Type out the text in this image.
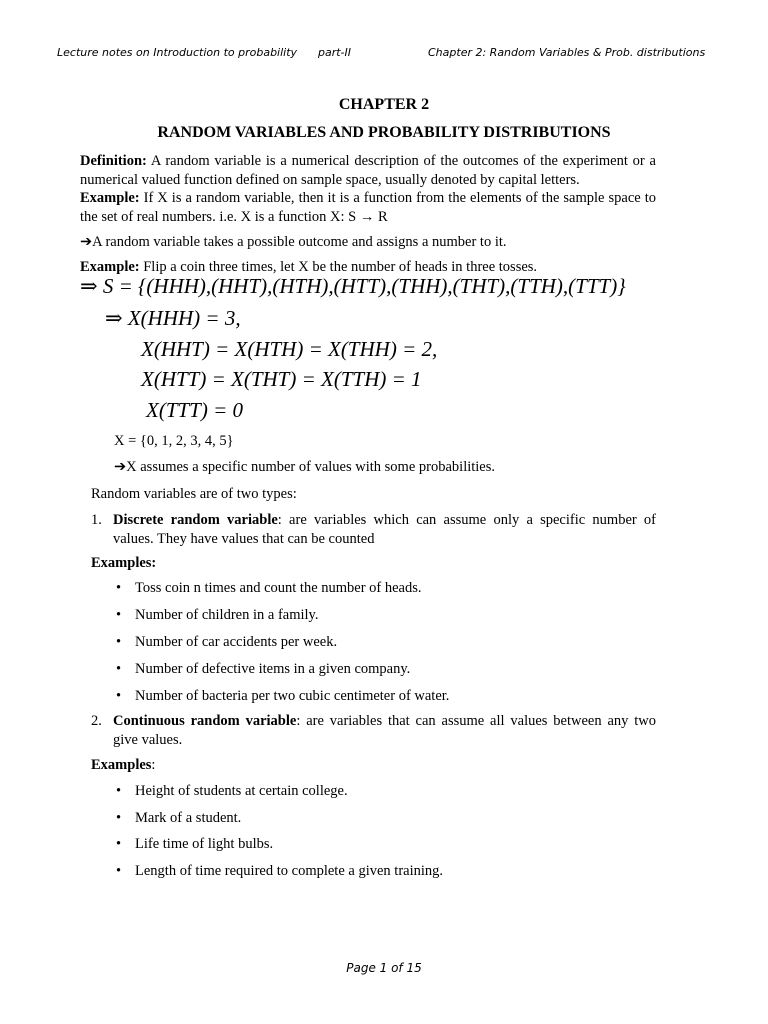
Lecture notes on Introduction to probability part-II	Chapter 2: Random Variables & Prob. distributions
CHAPTER 2
RANDOM VARIABLES AND PROBABILITY DISTRIBUTIONS
Definition: A random variable is a numerical description of the outcomes of the experiment or a numerical valued function defined on sample space, usually denoted by capital letters.
Example: If X is a random variable, then it is a function from the elements of the sample space to the set of real numbers. i.e. X is a function X: S → R
➔A random variable takes a possible outcome and assigns a number to it.
Example: Flip a coin three times, let X be the number of heads in three tosses.
⇒ S = {(HHH),(HHT),(HTH),(HTT),(THH),(THT),(TTH),(TTT)}
⇒ X(HHH) = 3,
X(HHT) = X(HTH) = X(THH) = 2,
X(HTT) = X(THT) = X(TTH) = 1
X(TTT) = 0
X = {0, 1, 2, 3, 4, 5}
➔X assumes a specific number of values with some probabilities.
Random variables are of two types:
1. Discrete random variable: are variables which can assume only a specific number of values. They have values that can be counted
Examples:
• Toss coin n times and count the number of heads.
• Number of children in a family.
• Number of car accidents per week.
• Number of defective items in a given company.
• Number of bacteria per two cubic centimeter of water.
2. Continuous random variable: are variables that can assume all values between any two give values.
Examples:
• Height of students at certain college.
• Mark of a student.
• Life time of light bulbs.
• Length of time required to complete a given training.
Page 1 of 15
